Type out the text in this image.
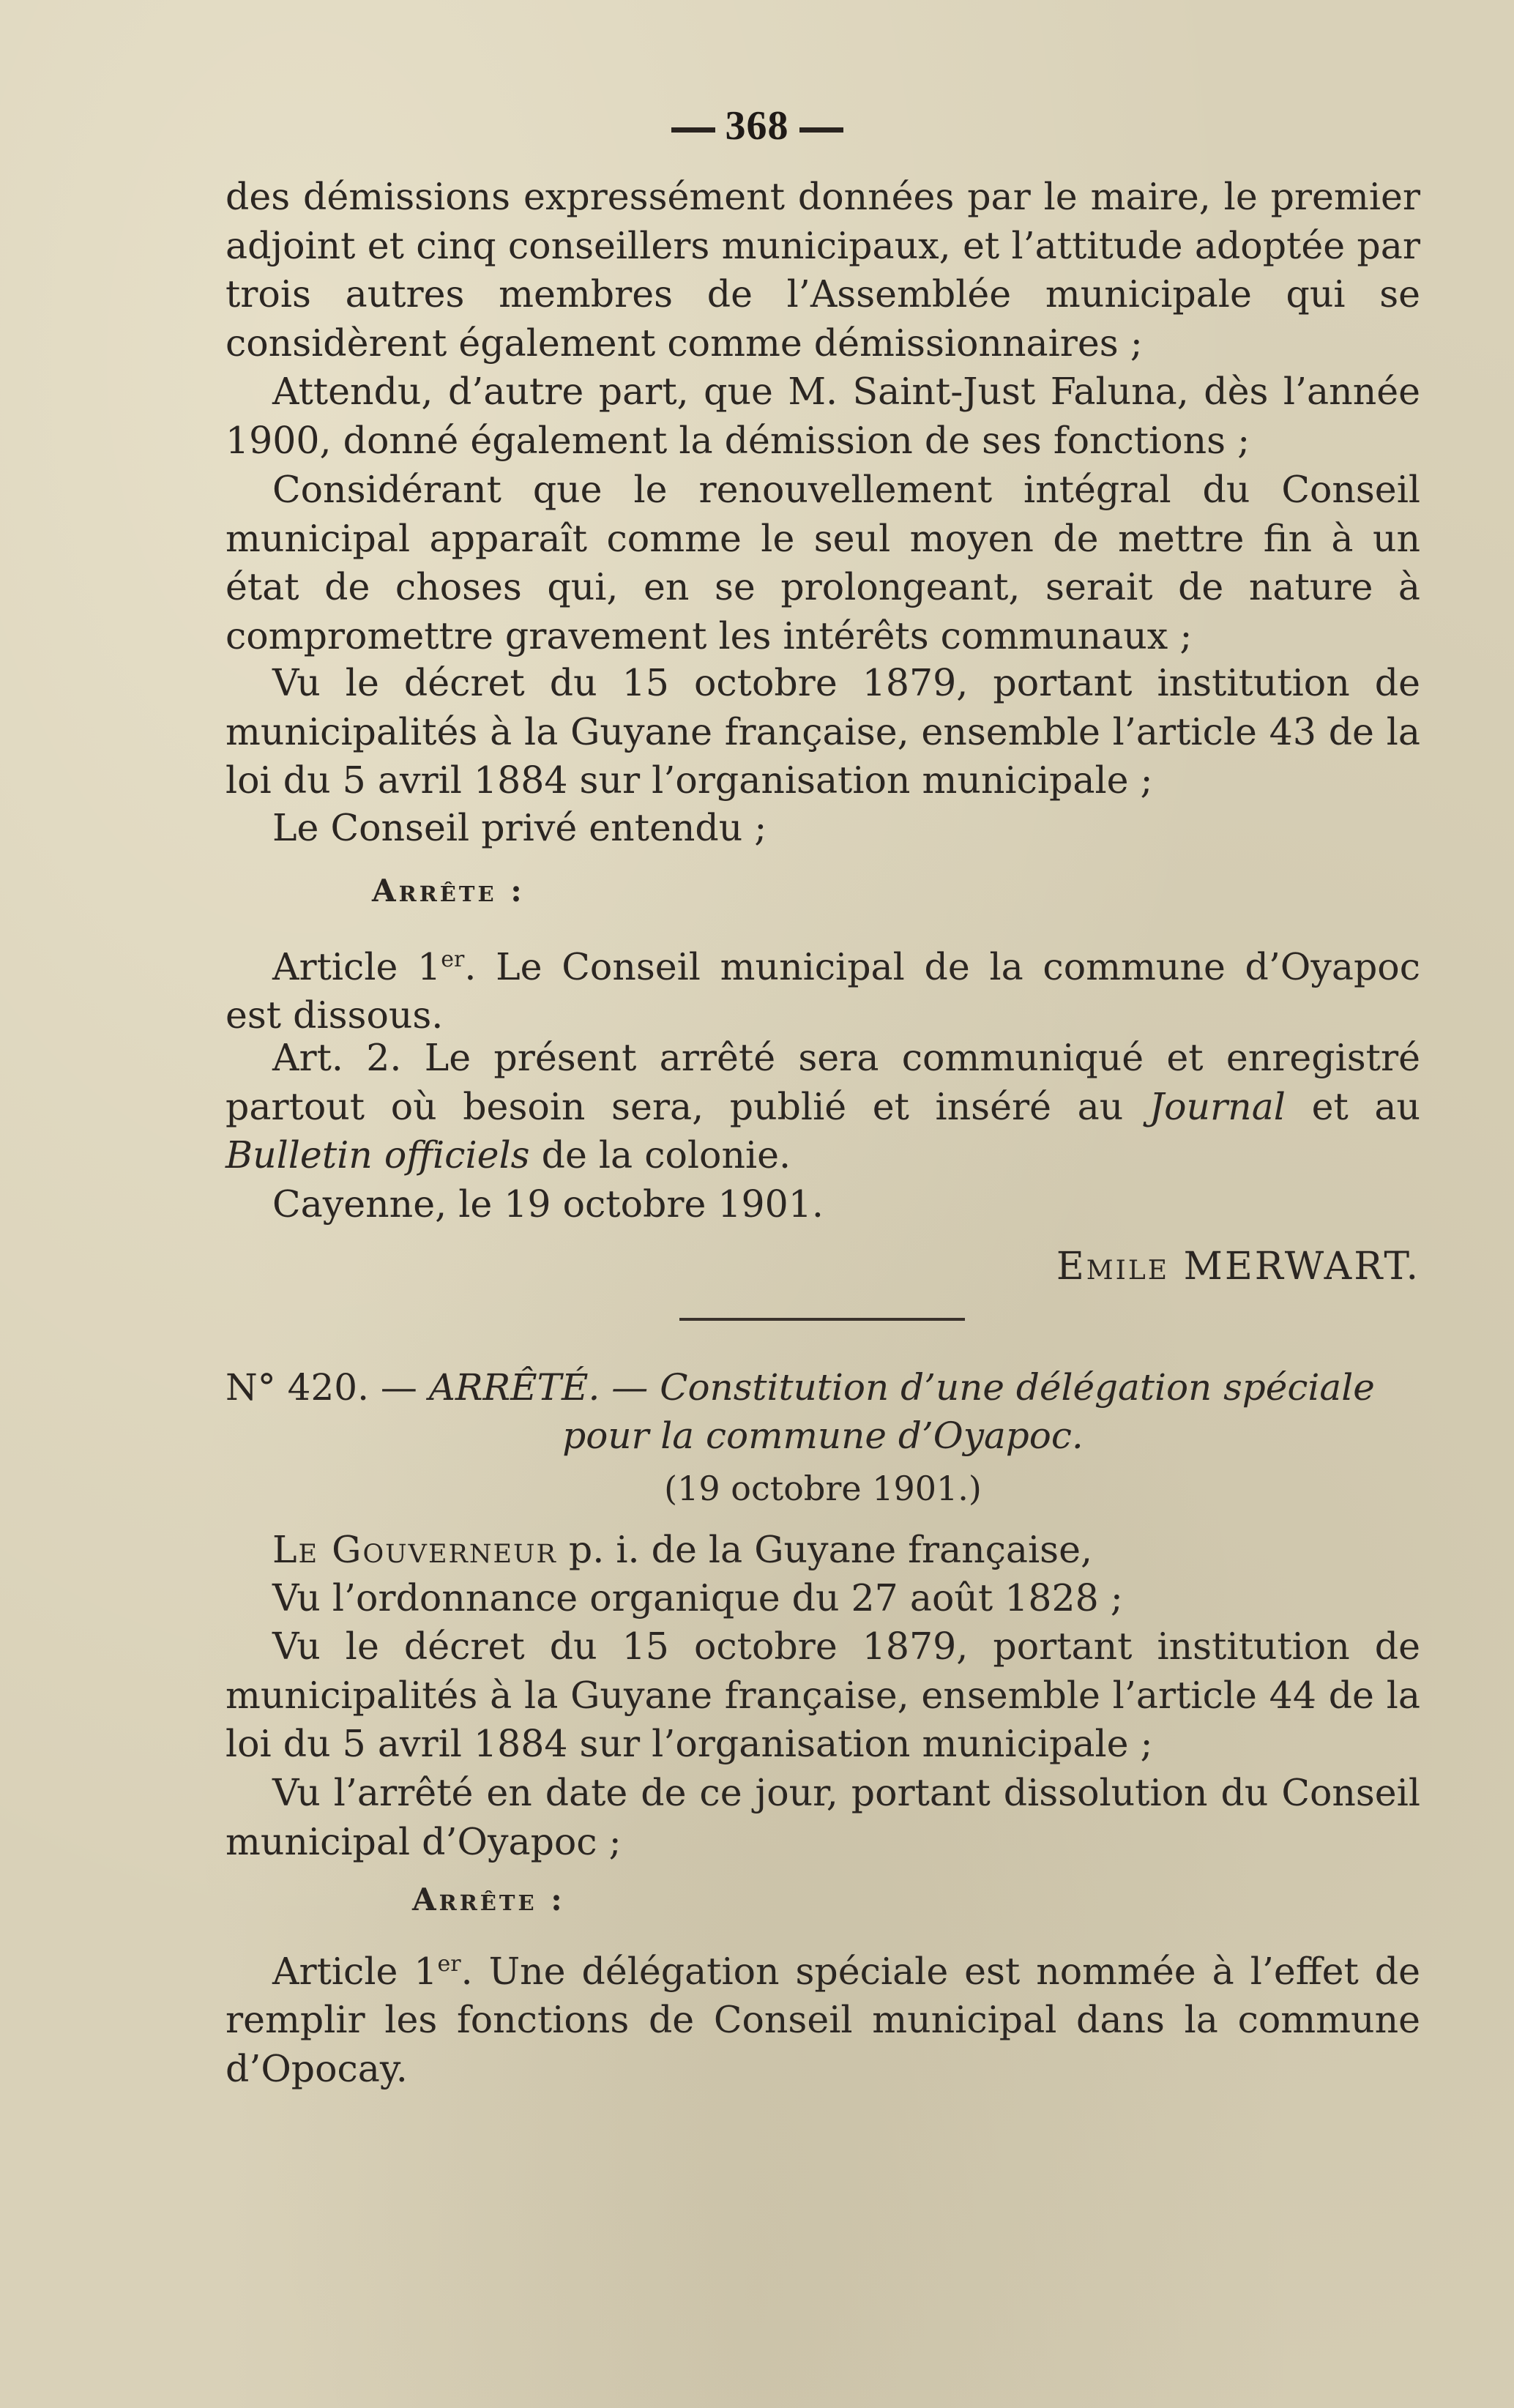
368

des démissions expressément données par le maire, le premier adjoint et cinq conseillers municipaux, et l’attitude adoptée par trois autres membres de l’Assemblée municipale qui se considèrent également comme démissionnaires ;

Attendu, d’autre part, que M. Saint-Just Faluna, dès l’année 1900, donné également la démission de ses fonctions ;

Considérant que le renouvellement intégral du Conseil municipal apparaît comme le seul moyen de mettre fin à un état de choses qui, en se prolongeant, serait de nature à compromettre gravement les intérêts communaux ;

Vu le décret du 15 octobre 1879, portant institution de municipalités à la Guyane française, ensemble l’article 43 de la loi du 5 avril 1884 sur l’organisation municipale ;

Le Conseil privé entendu ;

Arrête :

Article 1er. Le Conseil municipal de la commune d’Oyapoc est dissous.

Art. 2. Le présent arrêté sera communiqué et enregistré partout où besoin sera, publié et inséré au Journal et au Bulletin officiels de la colonie.

Cayenne, le 19 octobre 1901.

Emile MERWART.
N° 420. — ARRÊTÉ. — Constitution d’une délégation spéciale
pour la commune d’Oyapoc.
(19 octobre 1901.)

Le Gouverneur p. i. de la Guyane française,

Vu l’ordonnance organique du 27 août 1828 ;

Vu le décret du 15 octobre 1879, portant institution de municipalités à la Guyane française, ensemble l’article 44 de la loi du 5 avril 1884 sur l’organisation municipale ;

Vu l’arrêté en date de ce jour, portant dissolution du Conseil municipal d’Oyapoc ;

Arrête :

Article 1er. Une délégation spéciale est nommée à l’effet de remplir les fonctions de Conseil municipal dans la commune d’Opocay.
